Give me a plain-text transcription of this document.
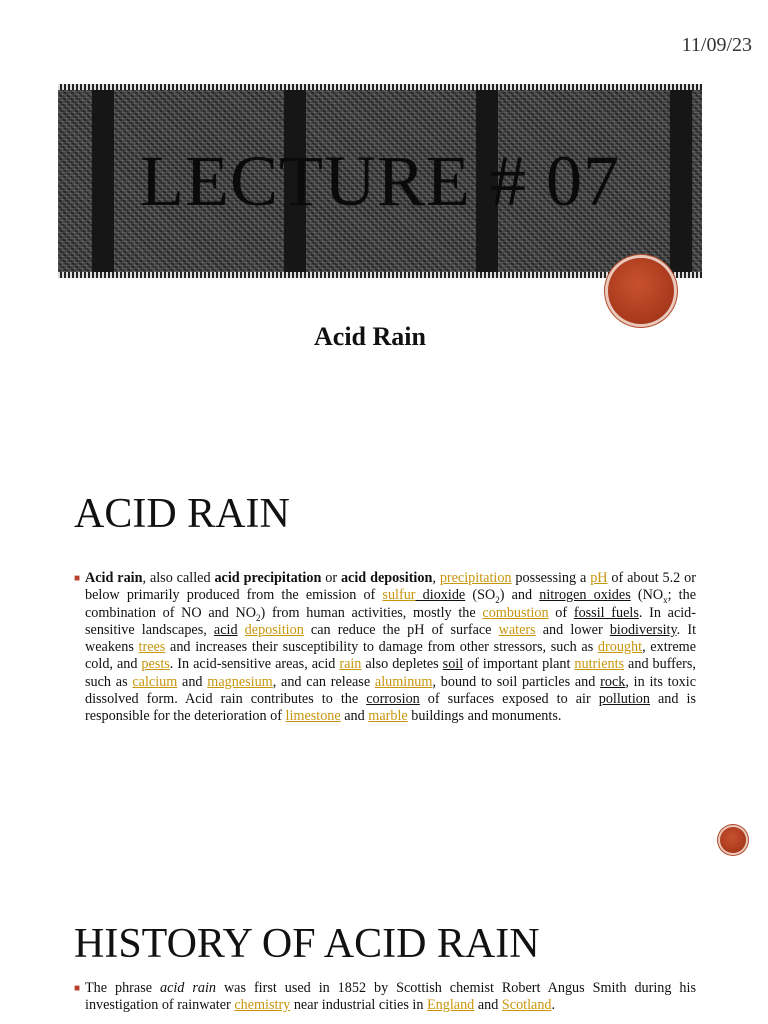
11/09/23
LECTURE # 07
Acid Rain
ACID RAIN
■ Acid rain, also called acid precipitation or acid deposition, precipitation possessing a pH of about 5.2 or below primarily produced from the emission of sulfur dioxide $(SO_2)$ and nitrogen oxides ($NO_x$; the combination of NO and $NO_2$) from human activities, mostly the combustion of fossil fuels. In acid-sensitive landscapes, acid deposition can reduce the pH of surface waters and lower biodiversity. It weakens trees and increases their susceptibility to damage from other stressors, such as drought, extreme cold, and pests. In acid-sensitive areas, acid rain also depletes soil of important plant nutrients and buffers, such as calcium and magnesium, and can release aluminum, bound to soil particles and rock, in its toxic dissolved form. Acid rain contributes to the corrosion of surfaces exposed to air pollution and is responsible for the deterioration of limestone and marble buildings and monuments.
HISTORY OF ACID RAIN
■ The phrase acid rain was first used in 1852 by Scottish chemist Robert Angus Smith during his investigation of rainwater chemistry near industrial cities in England and Scotland.
